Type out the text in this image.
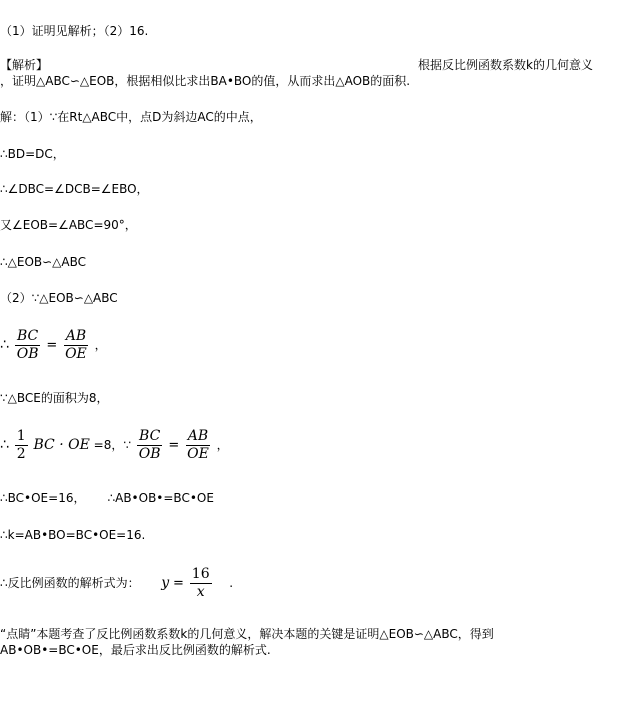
（1）证明见解析；（2）16.
【解析】	根据反比例函数系数k的几何意义
，证明△ABC∽△EOB，根据相似比求出BA•BO的值，从而求出△AOB的面积.
解：（1）∵在Rt△ABC中，点D为斜边AC的中点，
∴BD=DC，
∴∠DBC=∠DCB=∠EBO，
又∠EOB=∠ABC=90°，
∴△EOB∽△ABC
（2）∵△EOB∽△ABC
∴ $\frac{BC}{OB} = \frac{AB}{OE}$ ，
∵△BCE的面积为8，
∴ $\frac{1}{2}$ BC · OE =8，∵ $\frac{BC}{OB} = \frac{AB}{OE}$ ，
∴BC•OE=16， ∴AB•OB•=BC•OE
∴k=AB•BO=BC•OE=16.
∴反比例函数的解析式为： $y = \frac{16}{x}$ .
“点睛”本题考查了反比例函数系数k的几何意义，解决本题的关键是证明△EOB∽△ABC，得到
AB•OB•=BC•OE，最后求出反比例函数的解析式.
